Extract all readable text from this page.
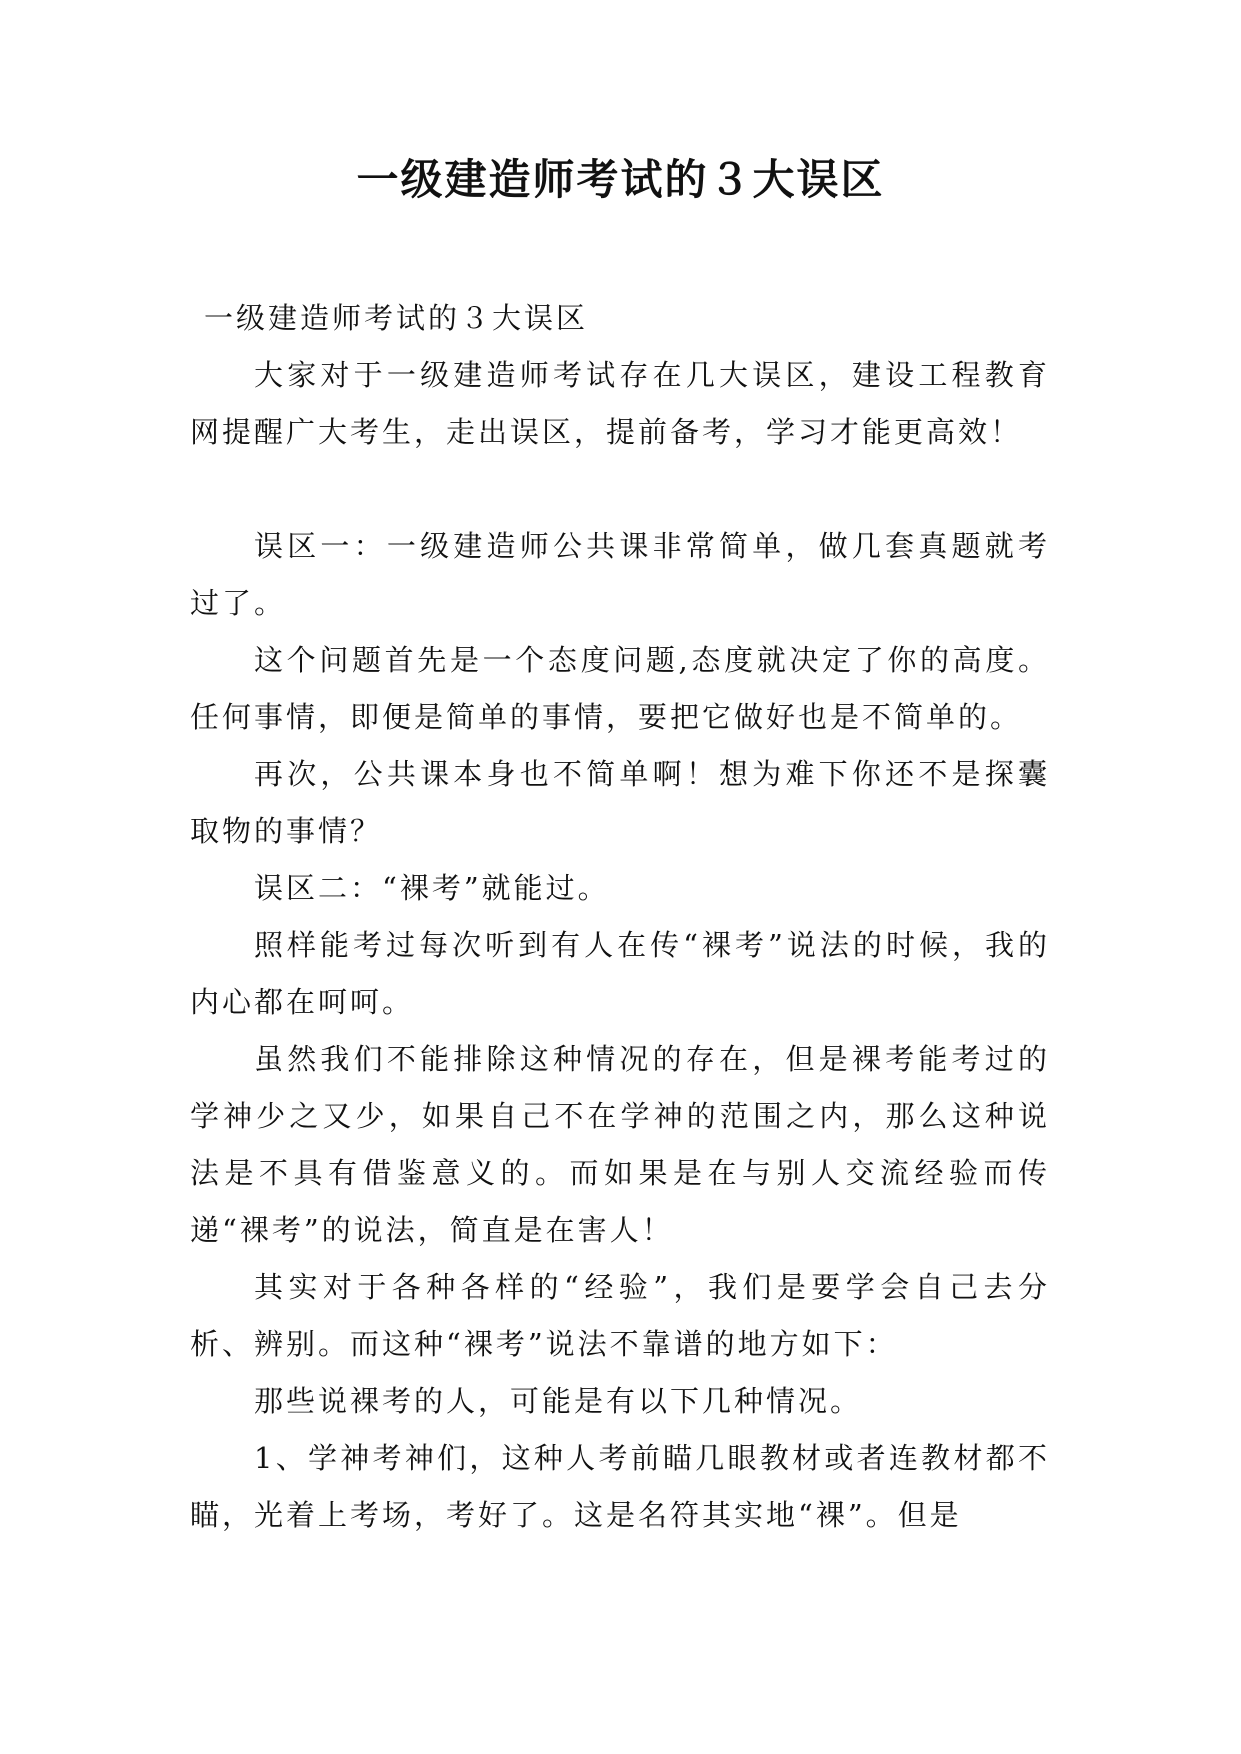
一级建造师考试的３大误区

一级建造师考试的３大误区

大家对于一级建造师考试存在几大误区，建设工程教育网提醒广大考生，走出误区，提前备考，学习才能更高效！

误区一：一级建造师公共课非常简单，做几套真题就考过了。

这个问题首先是一个态度问题,态度就决定了你的高度。任何事情，即便是简单的事情，要把它做好也是不简单的。

再次，公共课本身也不简单啊！想为难下你还不是探囊取物的事情？

误区二：“裸考”就能过。

照样能考过每次听到有人在传“裸考”说法的时候，我的内心都在呵呵。

虽然我们不能排除这种情况的存在，但是裸考能考过的学神少之又少，如果自己不在学神的范围之内，那么这种说法是不具有借鉴意义的。而如果是在与别人交流经验而传递“裸考”的说法，简直是在害人！

其实对于各种各样的“经验”，我们是要学会自己去分析、辨别。而这种“裸考”说法不靠谱的地方如下：

那些说裸考的人，可能是有以下几种情况。

1、学神考神们，这种人考前瞄几眼教材或者连教材都不瞄，光着上考场，考好了。这是名符其实地“裸”。但是
